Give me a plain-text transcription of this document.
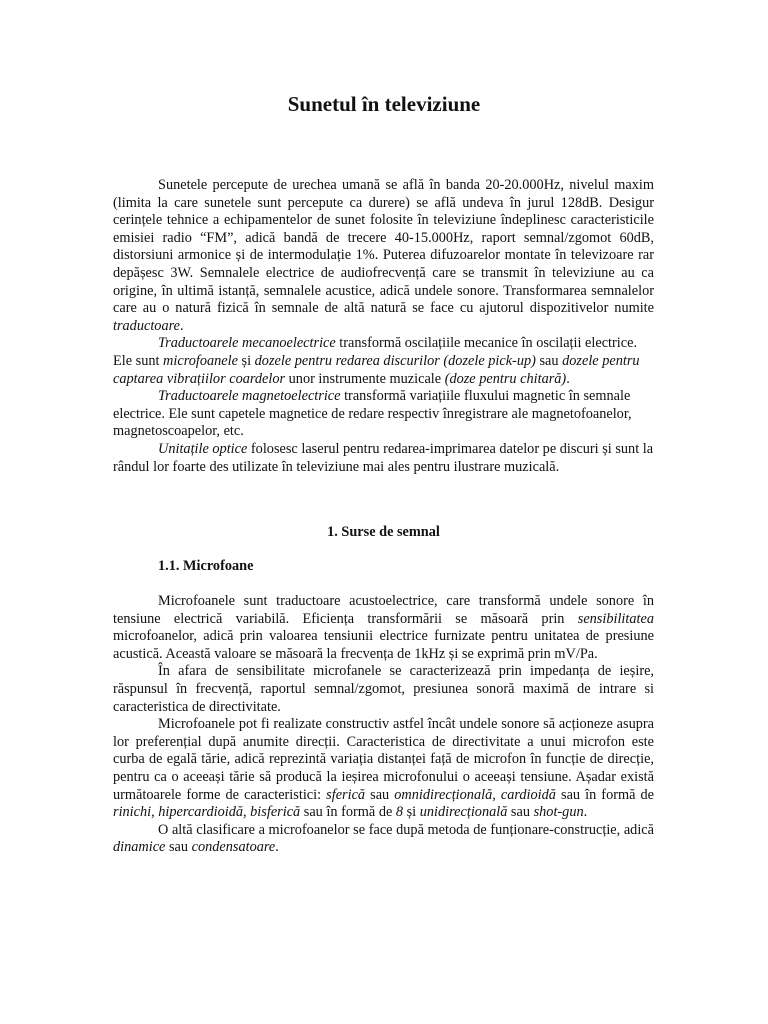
Sunetul în televiziune

Sunetele percepute de urechea umană se află în banda 20-20.000Hz, nivelul maxim (limita la care sunetele sunt percepute ca durere) se află undeva în jurul 128dB. Desigur cerințele tehnice a echipamentelor de sunet folosite în televiziune îndeplinesc caracteristicile emisiei radio “FM”, adică bandă de trecere 40-15.000Hz, raport semnal/zgomot 60dB, distorsiuni armonice și de intermodulație 1%. Puterea difuzoarelor montate în televizoare rar depășesc 3W. Semnalele electrice de audiofrecvență care se transmit în televiziune au ca origine, în ultimă istanță, semnalele acustice, adică undele sonore. Transformarea semnalelor care au o natură fizică în semnale de altă natură se face cu ajutorul dispozitivelor numite traductoare.

Traductoarele mecanoelectrice transformă oscilațiile mecanice în oscilații electrice. Ele sunt microfoanele și dozele pentru redarea discurilor (dozele pick-up) sau dozele pentru captarea vibrațiilor coardelor unor instrumente muzicale (doze pentru chitară).

Traductoarele magnetoelectrice transformă variațiile fluxului magnetic în semnale electrice. Ele sunt capetele magnetice de redare respectiv înregistrare ale magnetofoanelor, magnetoscoapelor, etc.

Unitațile optice folosesc laserul pentru redarea-imprimarea datelor pe discuri și sunt la rândul lor foarte des utilizate în televiziune mai ales pentru ilustrare muzicală.

1. Surse de semnal

1.1. Microfoane

Microfoanele sunt traductoare acustoelectrice, care transformă undele sonore în tensiune electrică variabilă. Eficiența transformării se măsoară prin sensibilitatea microfoanelor, adică prin valoarea tensiunii electrice furnizate pentru unitatea de presiune acustică. Această valoare se măsoară la frecvența de 1kHz și se exprimă prin mV/Pa.

În afara de sensibilitate microfanele se caracterizează prin impedanța de ieșire, răspunsul în frecvență, raportul semnal/zgomot, presiunea sonoră maximă de intrare si caracteristica de directivitate.

Microfoanele pot fi realizate constructiv astfel încât undele sonore să acționeze asupra lor preferențial după anumite direcții. Caracteristica de directivitate a unui microfon este curba de egală tărie, adică reprezintă variația distanței față de microfon în funcție de direcție, pentru ca o aceeași tărie să producă la ieșirea microfonului o aceeași tensiune. Așadar există următoarele forme de caracteristici: sferică sau omnidirecțională, cardioidă sau în formă de rinichi, hipercardioidă, bisferică sau în formă de 8 și unidirecțională sau shot-gun.

O altă clasificare a microfoanelor se face după metoda de funționare-construcție, adică dinamice sau condensatoare.
